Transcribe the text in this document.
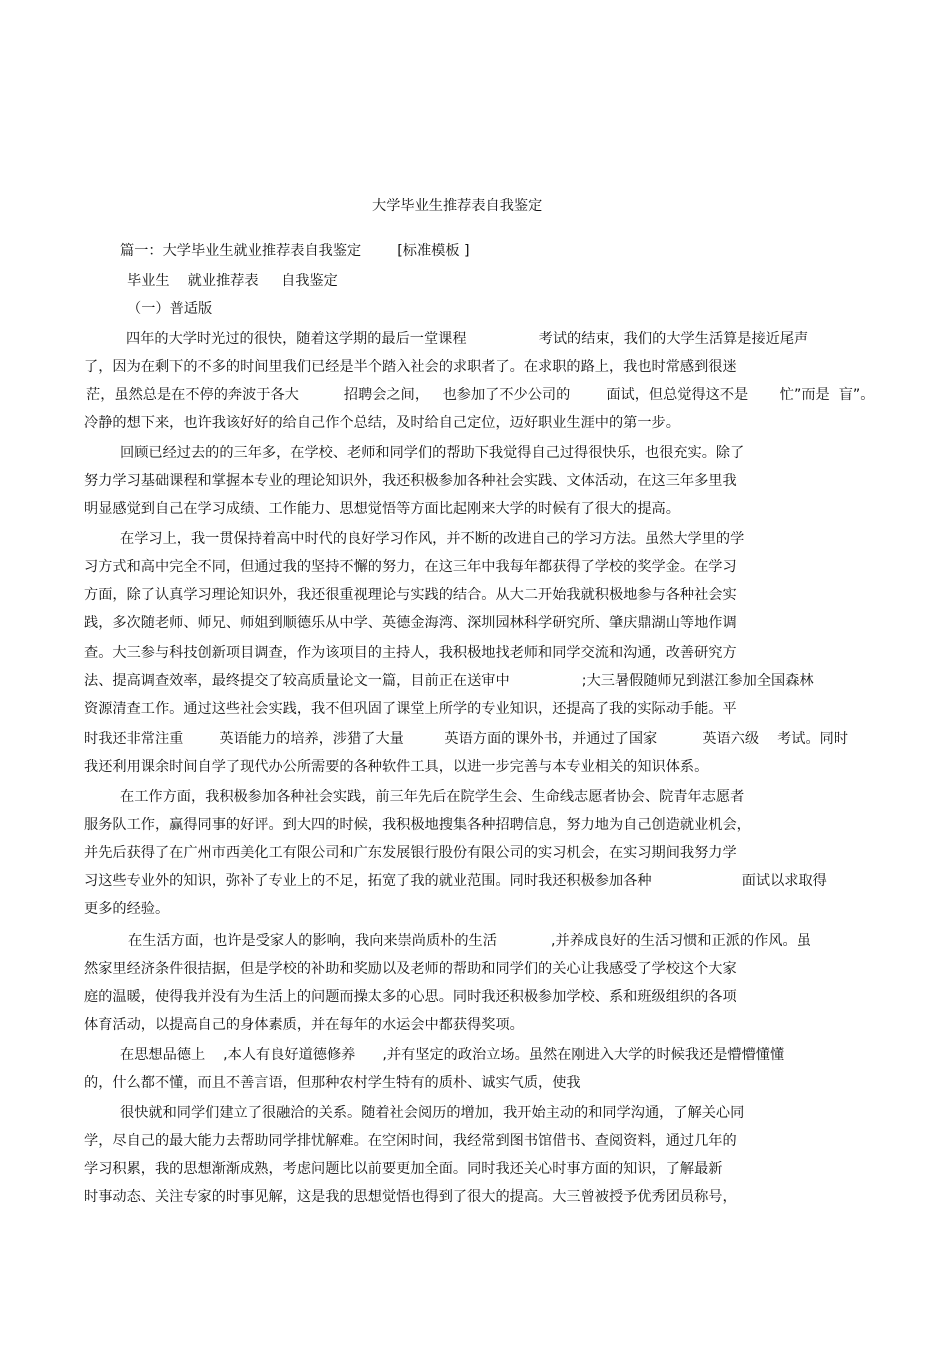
大学毕业生推荐表自我鉴定
篇一：大学毕业生就业推荐表自我鉴定        [标准模板 ]
毕业生    就业推荐表     自我鉴定
（一）普适版
四年的大学时光过的很快，随着这学期的最后一堂课程                考试的结束，我们的大学生活算是接近尾声
了，因为在剩下的不多的时间里我们已经是半个踏入社会的求职者了。在求职的路上，我也时常感到很迷
茫，虽然总是在不停的奔波于各大          招聘会之间，   也参加了不少公司的        面试，但总觉得这不是       忙”而是  盲”。
冷静的想下来，也许我该好好的给自己作个总结，及时给自己定位，迈好职业生涯中的第一步。
回顾已经过去的的三年多，在学校、老师和同学们的帮助下我觉得自己过得很快乐，也很充实。除了
努力学习基础课程和掌握本专业的理论知识外，我还积极参加各种社会实践、文体活动，在这三年多里我
明显感觉到自己在学习成绩、工作能力、思想觉悟等方面比起刚来大学的时候有了很大的提高。
在学习上，我一贯保持着高中时代的良好学习作风，并不断的改进自己的学习方法。虽然大学里的学
习方式和高中完全不同，但通过我的坚持不懈的努力，在这三年中我每年都获得了学校的奖学金。在学习
方面，除了认真学习理论知识外，我还很重视理论与实践的结合。从大二开始我就积极地参与各种社会实
践，多次随老师、师兄、师姐到顺德乐从中学、英德金海湾、深圳园林科学研究所、肇庆鼎湖山等地作调
查。大三参与科技创新项目调查，作为该项目的主持人，我积极地找老师和同学交流和沟通，改善研究方
法、提高调查效率，最终提交了较高质量论文一篇，目前正在送审中                ;大三暑假随师兄到湛江参加全国森林
资源清查工作。通过这些社会实践，我不但巩固了课堂上所学的专业知识，还提高了我的实际动手能。平
时我还非常注重        英语能力的培养，涉猎了大量         英语方面的课外书，并通过了国家          英语六级    考试。同时
我还利用课余时间自学了现代办公所需要的各种软件工具，以进一步完善与本专业相关的知识体系。
在工作方面，我积极参加各种社会实践，前三年先后在院学生会、生命线志愿者协会、院青年志愿者
服务队工作，赢得同事的好评。到大四的时候，我积极地搜集各种招聘信息，努力地为自己创造就业机会，
并先后获得了在广州市西美化工有限公司和广东发展银行股份有限公司的实习机会，在实习期间我努力学
习这些专业外的知识，弥补了专业上的不足，拓宽了我的就业范围。同时我还积极参加各种                    面试以求取得
更多的经验。
在生活方面，也许是受家人的影响，我向来崇尚质朴的生活            ,并养成良好的生活习惯和正派的作风。虽
然家里经济条件很拮据，但是学校的补助和奖励以及老师的帮助和同学们的关心让我感受了学校这个大家
庭的温暖，使得我并没有为生活上的问题而操太多的心思。同时我还积极参加学校、系和班级组织的各项
体育活动，以提高自己的身体素质，并在每年的水运会中都获得奖项。
在思想品德上    ,本人有良好道德修养      ,并有坚定的政治立场。虽然在刚进入大学的时候我还是懵懵懂懂
的，什么都不懂，而且不善言语，但那种农村学生特有的质朴、诚实气质，使我
很快就和同学们建立了很融洽的关系。随着社会阅历的增加，我开始主动的和同学沟通，了解关心同
学，尽自己的最大能力去帮助同学排忧解难。在空闲时间，我经常到图书馆借书、查阅资料，通过几年的
学习积累，我的思想渐渐成熟，考虑问题比以前要更加全面。同时我还关心时事方面的知识，了解最新
时事动态、关注专家的时事见解，这是我的思想觉悟也得到了很大的提高。大三曾被授予优秀团员称号，
